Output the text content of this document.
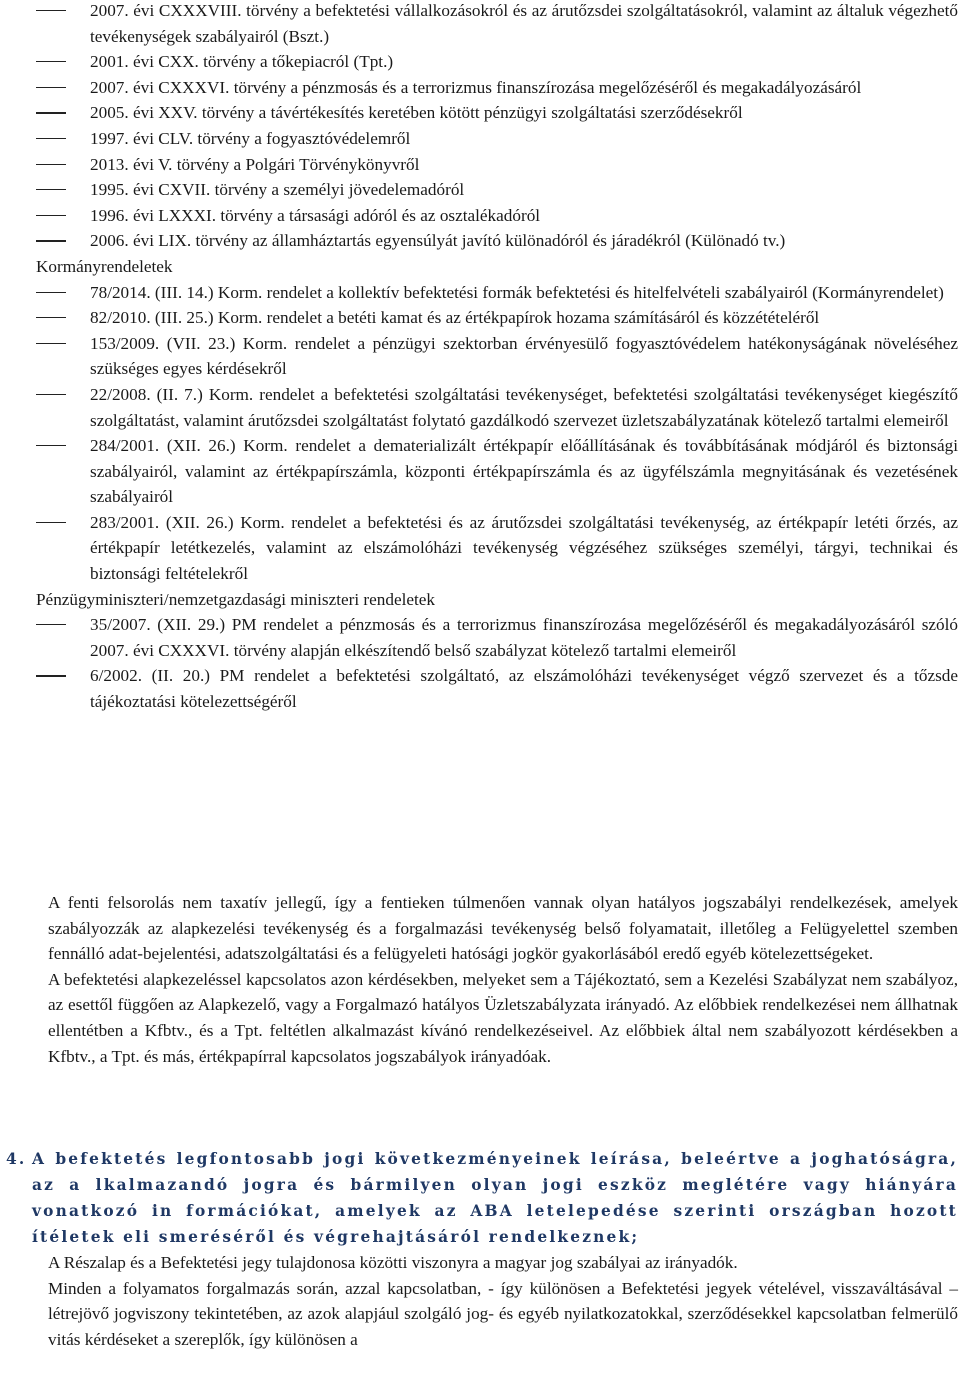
2007. évi CXXXVIII. törvény a befektetési vállalkozásokról és az árutőzsdei szolgáltatásokról, valamint az általuk végezhető tevékenységek szabályairól (Bszt.)
2001. évi CXX. törvény a tőkepiacról (Tpt.)
2007. évi CXXXVI. törvény a pénzmosás és a terrorizmus finanszírozása megelőzéséről és megakadályozásáról
2005. évi XXV. törvény a távértékesítés keretében kötött pénzügyi szolgáltatási szerződésekről
1997. évi CLV. törvény a fogyasztóvédelemről
2013. évi V. törvény a Polgári Törvénykönyvről
1995. évi CXVII. törvény a személyi jövedelemadóról
1996. évi LXXXI. törvény a társasági adóról és az osztalékadóról
2006. évi LIX. törvény az államháztartás egyensúlyát javító különadóról és járadékról (Különadó tv.)

Kormányrendeletek

78/2014. (III. 14.) Korm. rendelet a kollektív befektetési formák befektetési és hitelfelvételi szabályairól (Kormányrendelet)
82/2010. (III. 25.) Korm. rendelet a betéti kamat és az értékpapírok hozama számításáról és közzétételéről
153/2009. (VII. 23.) Korm. rendelet a pénzügyi szektorban érvényesülő fogyasztóvédelem hatékonyságának növeléséhez szükséges egyes kérdésekről
22/2008. (II. 7.) Korm. rendelet a befektetési szolgáltatási tevékenységet, befektetési szolgáltatási tevékenységet kiegészítő szolgáltatást, valamint árutőzsdei szolgáltatást folytató gazdálkodó szervezet üzletszabályzatának kötelező tartalmi elemeiről
284/2001. (XII. 26.) Korm. rendelet a dematerializált értékpapír előállításának és továbbításának módjáról és biztonsági szabályairól, valamint az értékpapírszámla, központi értékpapírszámla és az ügyfélszámla megnyitásának és vezetésének szabályairól
283/2001. (XII. 26.) Korm. rendelet a befektetési és az árutőzsdei szolgáltatási tevékenység, az értékpapír letéti őrzés, az értékpapír letétkezelés, valamint az elszámolóházi tevékenység végzéséhez szükséges személyi, tárgyi, technikai és biztonsági feltételekről

Pénzügyminiszteri/nemzetgazdasági miniszteri rendeletek

35/2007. (XII. 29.) PM rendelet a pénzmosás és a terrorizmus finanszírozása megelőzéséről és megakadályozásáról szóló 2007. évi CXXXVI. törvény alapján elkészítendő belső szabályzat kötelező tartalmi elemeiről
6/2002. (II. 20.) PM rendelet a befektetési szolgáltató, az elszámolóházi tevékenységet végző szervezet és a tőzsde tájékoztatási kötelezettségéről

A fenti felsorolás nem taxatív jellegű, így a fentieken túlmenően vannak olyan hatályos jogszabályi rendelkezések, amelyek szabályozzák az alapkezelési tevékenység és a forgalmazási tevékenység belső folyamatait, illetőleg a Felügyelettel szemben fennálló adat-bejelentési, adatszolgáltatási és a felügyeleti hatósági jogkör gyakorlásából eredő egyéb kötelezettségeket.

A befektetési alapkezeléssel kapcsolatos azon kérdésekben, melyeket sem a Tájékoztató, sem a Kezelési Szabályzat nem szabályoz, az esettől függően az Alapkezelő, vagy a Forgalmazó hatályos Üzletszabályzata irányadó. Az előbbiek rendelkezései nem állhatnak ellentétben a Kfbtv., és a Tpt. feltétlen alkalmazást kívánó rendelkezéseivel. Az előbbiek által nem szabályozott kérdésekben a Kfbtv., a Tpt. és más, értékpapírral kapcsolatos jogszabályok irányadóak.

4. A befektetés legfontosabb jogi következményeinek leírása, beleértve a joghatóságra, az a lkalmazandó jogra és bármilyen olyan jogi eszköz meglétére vagy hiányára vonatkozó in formációkat, amelyek az ABA letelepedése szerinti országban hozott ítéletek eli smeréséről és végrehajtásáról rendelkeznek;

A Részalap és a Befektetési jegy tulajdonosa közötti viszonyra a magyar jog szabályai az irányadók.

Minden a folyamatos forgalmazás során, azzal kapcsolatban, - így különösen a Befektetési jegyek vételével, visszaváltásával – létrejövő jogviszony tekintetében, az azok alapjául szolgáló jog- és egyéb nyilatkozatokkal, szerződésekkel kapcsolatban felmerülő vitás kérdéseket a szereplők, így különösen a
